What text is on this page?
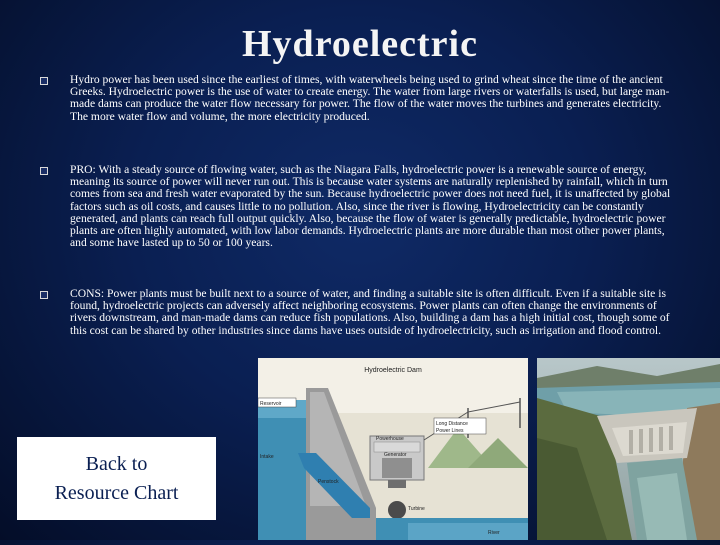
Hydroelectric
Hydro power has been used since the earliest of times, with waterwheels being used to grind wheat since the time of the ancient Greeks. Hydroelectric power is the use of water to create energy. The water from large rivers or waterfalls is used, but large man-made dams can produce the water flow necessary for power. The flow of the water moves the turbines and generates electricity. The more water flow and volume, the more electricity produced.
PRO: With a steady source of flowing water, such as the Niagara Falls, hydroelectric power is a renewable source of energy, meaning its source of power will never run out. This is because water systems are naturally replenished by rainfall, which in turn comes from sea and fresh water evaporated by the sun. Because hydroelectric power does not need fuel, it is unaffected by global factors such as oil costs, and causes little to no pollution. Also, since the river is flowing, Hydroelectricity can be constantly generated, and plants can reach full output quickly. Also, because the flow of water is generally predictable, hydroelectric power plants are often highly automated, with low labor demands. Hydroelectric plants are more durable than most other power plants, and some have lasted up to 50 or 100 years.
CONS: Power plants must be built next to a source of water, and finding a suitable site is often difficult. Even if a suitable site is found, hydroelectric projects can adversely affect neighboring ecosystems. Power plants can often change the environments of rivers downstream, and man-made dams can reduce fish populations. Also, building a dam has a high initial cost, though some of this cost can be shared by other industries since dams have uses outside of hydroelectricity, such as irrigation and flood control.
Hydroelectric Dam
Reservoir
Intake
Powerhouse
Generator
Long Distance
Power Lines
Penstock
Turbine
River
Back to
Resource Chart
